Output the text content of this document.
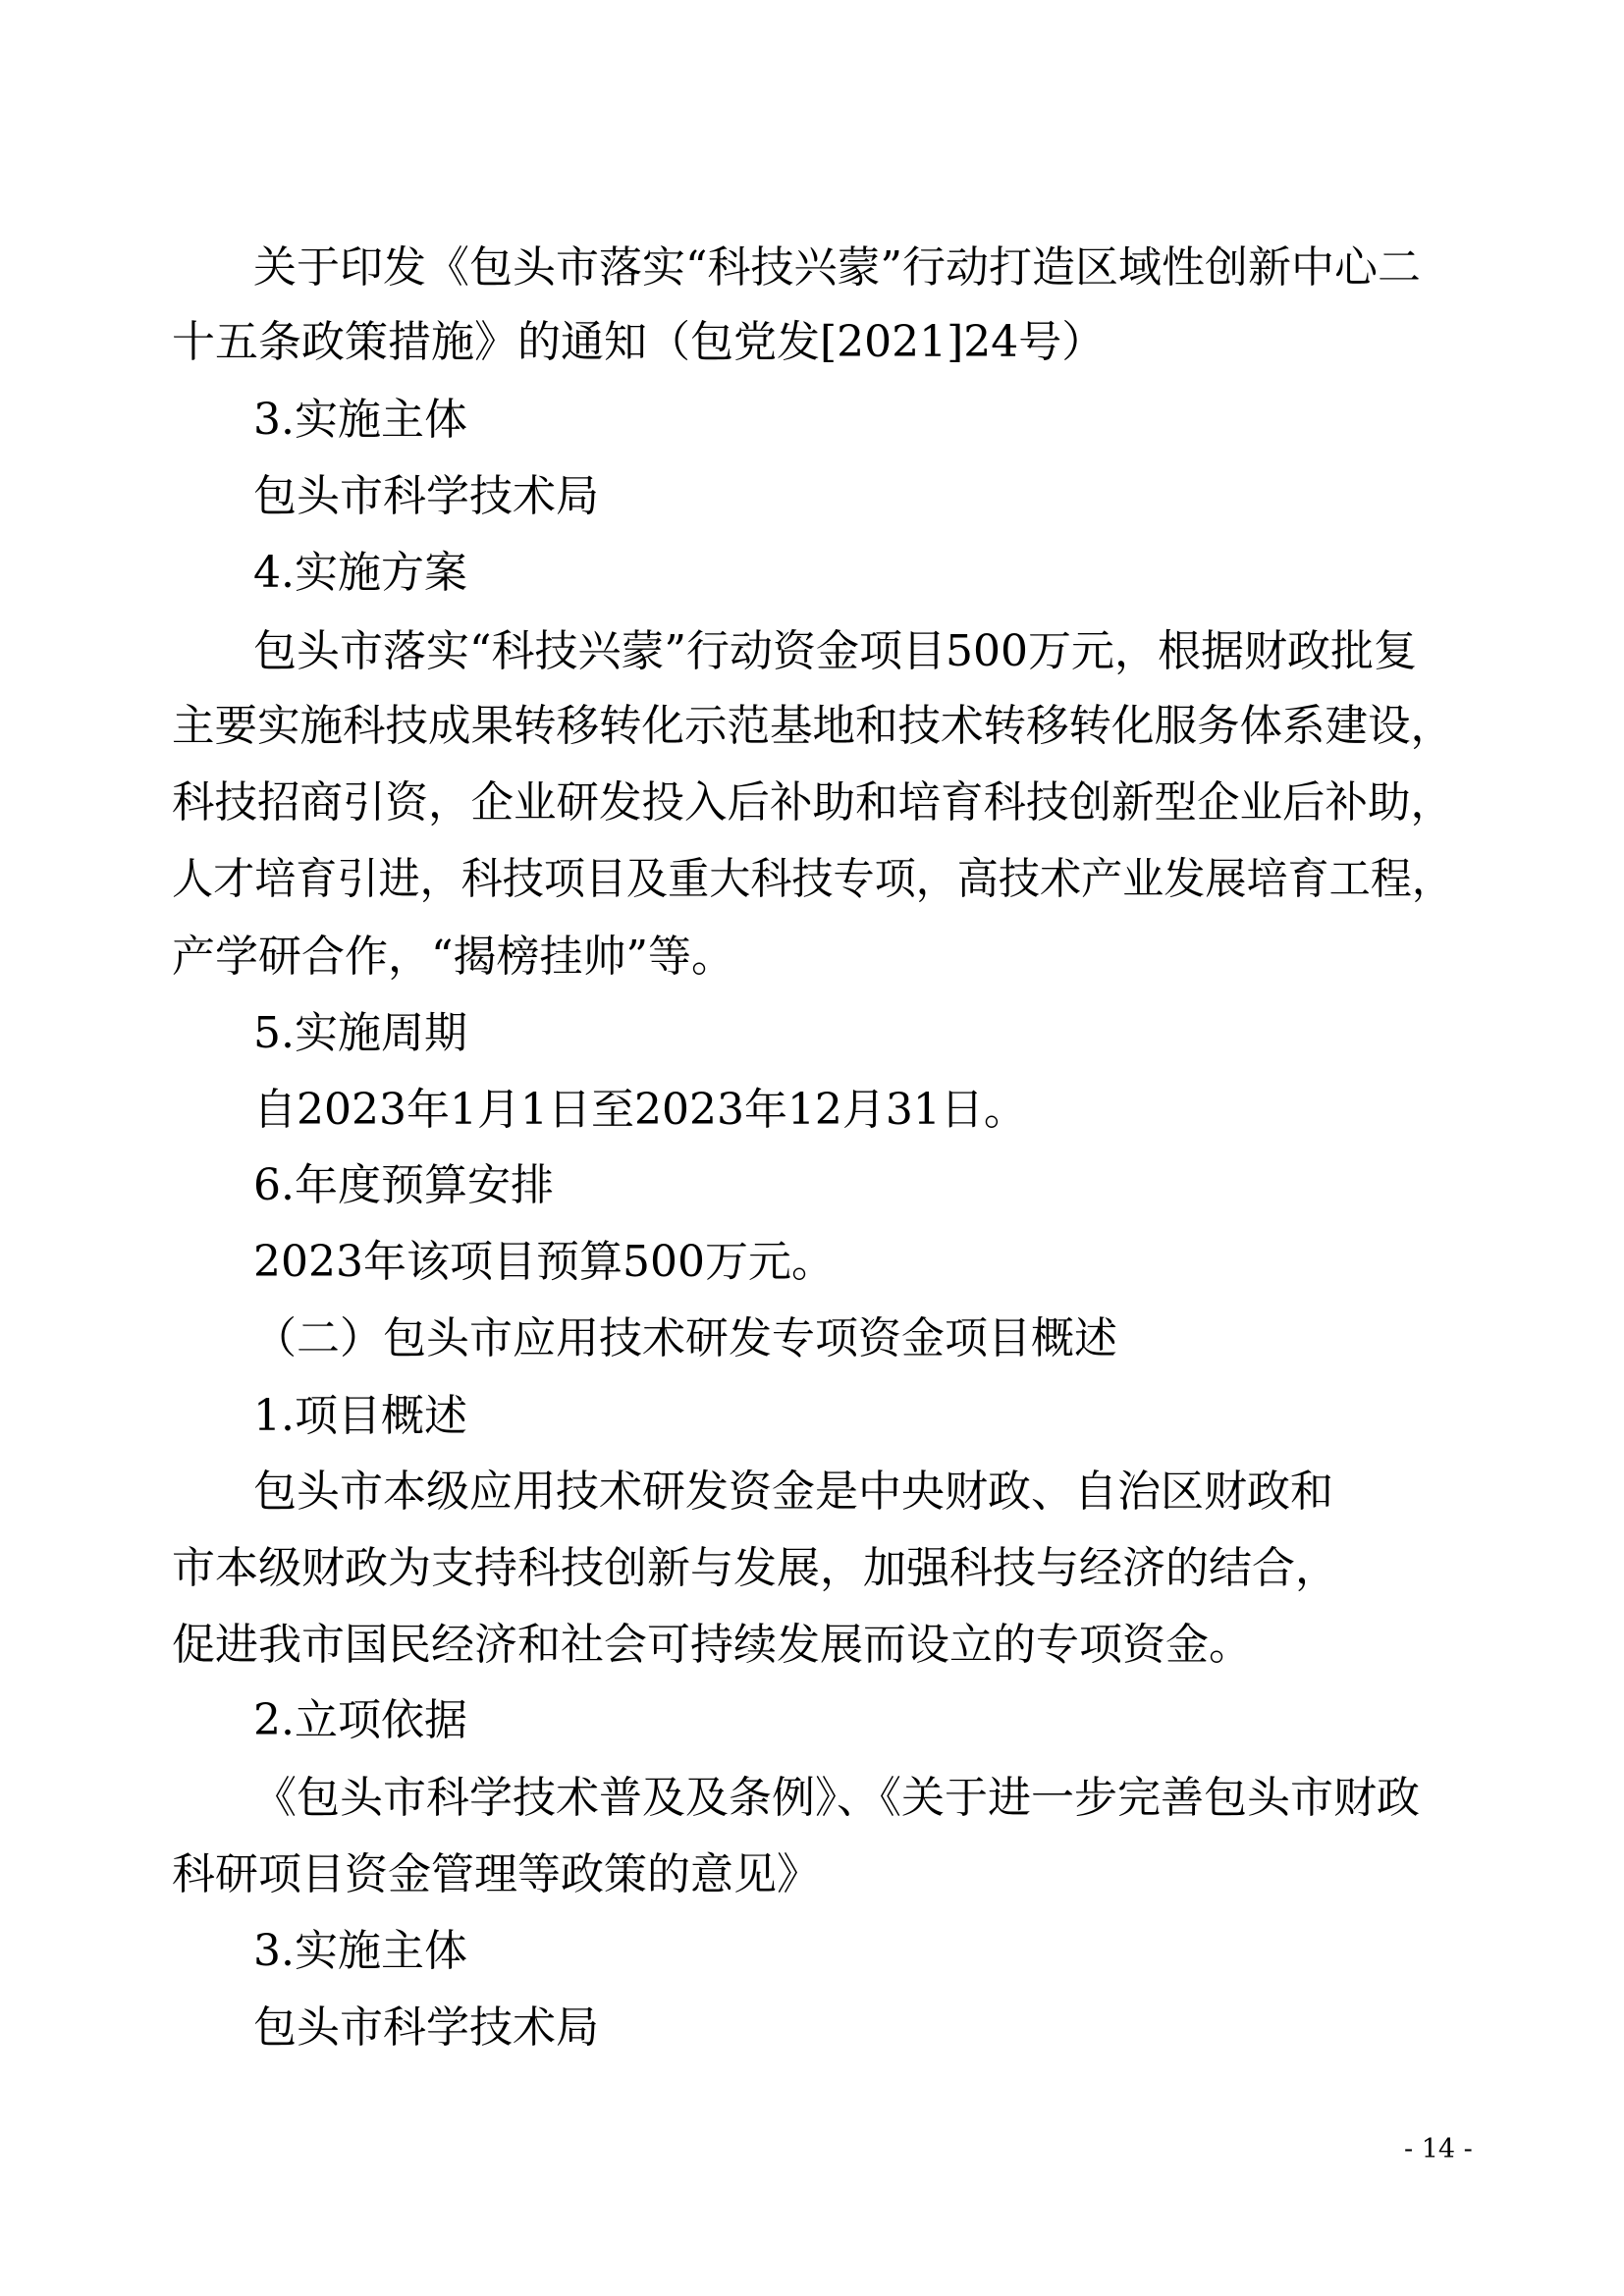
关于印发《包头市落实“科技兴蒙”行动打造区域性创新中心二
十五条政策措施》的通知（包党发[2021]24号）
3.实施主体
包头市科学技术局
4.实施方案
包头市落实“科技兴蒙”行动资金项目500万元，根据财政批复
主要实施科技成果转移转化示范基地和技术转移转化服务体系建设，
科技招商引资，企业研发投入后补助和培育科技创新型企业后补助，
人才培育引进，科技项目及重大科技专项，高技术产业发展培育工程，
产学研合作，“揭榜挂帅”等。
5.实施周期
自2023年1月1日至2023年12月31日。
6.年度预算安排
2023年该项目预算500万元。
（二）包头市应用技术研发专项资金项目概述
1.项目概述
包头市本级应用技术研发资金是中央财政、自治区财政和
市本级财政为支持科技创新与发展，加强科技与经济的结合，
促进我市国民经济和社会可持续发展而设立的专项资金。
2.立项依据
《包头市科学技术普及及条例》、《关于进一步完善包头市财政
科研项目资金管理等政策的意见》
3.实施主体
包头市科学技术局
- 14 -
